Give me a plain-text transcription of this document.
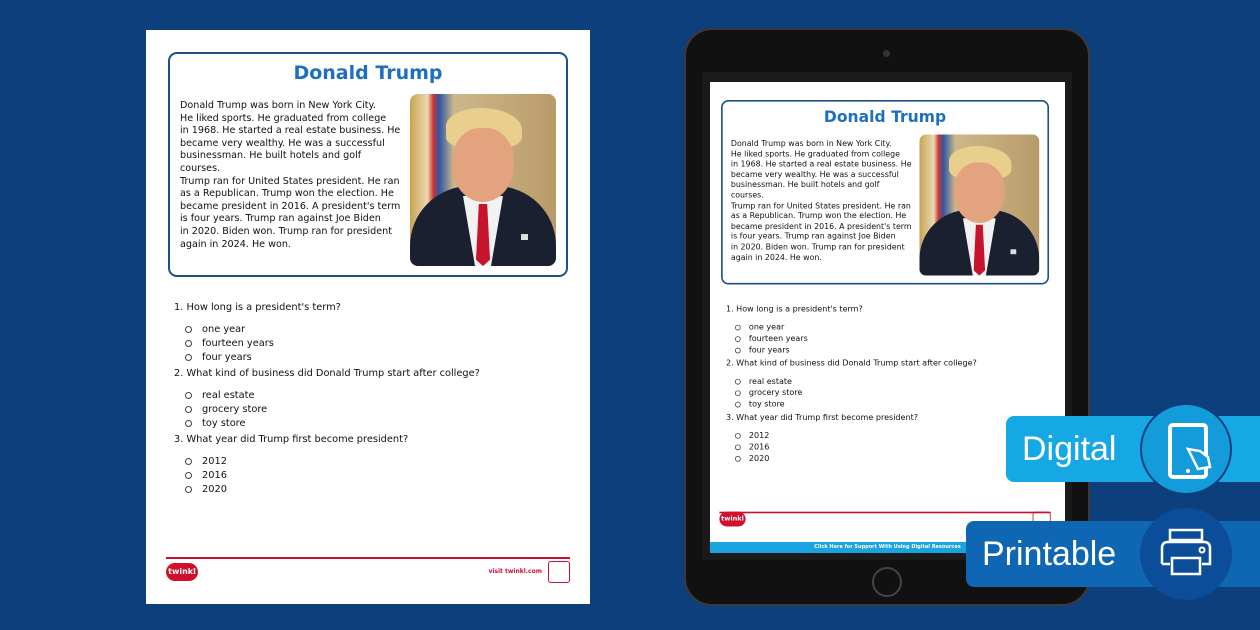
Donald Trump
Donald Trump was born in New York City.
He liked sports. He graduated from college
in 1968. He started a real estate business. He
became very wealthy. He was a successful
businessman. He built hotels and golf courses.
Trump ran for United States president. He ran
as a Republican. Trump won the election. He
became president in 2016. A president's term
is four years. Trump ran against Joe Biden
in 2020. Biden won. Trump ran for president
again in 2024. He won.
1. How long is a president's term?
one year
fourteen years
four years
2. What kind of business did Donald Trump start after college?
real estate
grocery store
toy store
3. What year did Trump first become president?
2012
2016
2020
twinkl	visit twinkl.com
Donald Trump
Donald Trump was born in New York City.
He liked sports. He graduated from college
in 1968. He started a real estate business. He
became very wealthy. He was a successful
businessman. He built hotels and golf courses.
Trump ran for United States president. He ran
as a Republican. Trump won the election. He
became president in 2016. A president's term
is four years. Trump ran against Joe Biden
in 2020. Biden won. Trump ran for president
again in 2024. He won.
1. How long is a president's term?
one year
fourteen years
four years
2. What kind of business did Donald Trump start after college?
real estate
grocery store
toy store
3. What year did Trump first become president?
2012
2016
2020
twinkl
Click Here for Support With Using Digital Resources
Digital
Printable
